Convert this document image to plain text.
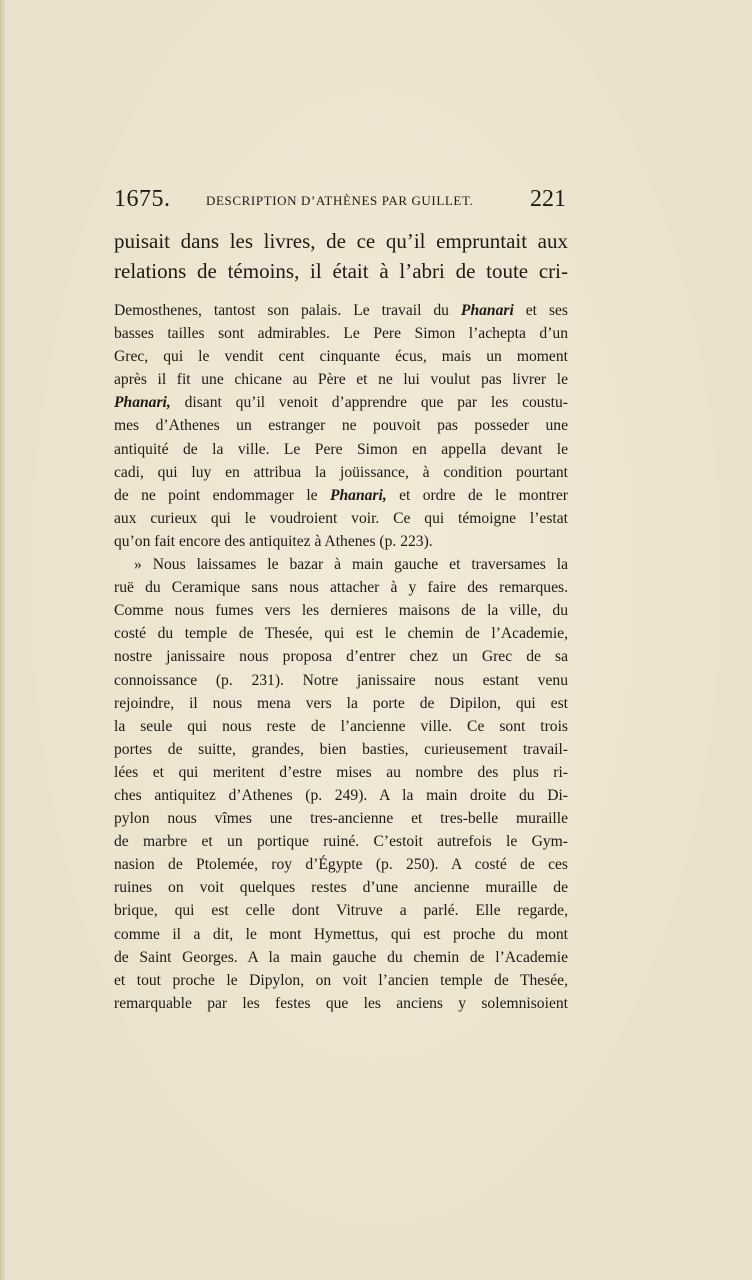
1675.	DESCRIPTION D’ATHÈNES PAR GUILLET. 221
puisait dans les livres, de ce qu’il empruntait aux
relations de témoins, il était à l’abri de toute cri-
Demosthenes, tantost son palais. Le travail du Phanari et ses
basses tailles sont admirables. Le Pere Simon l’achepta d’un
Grec, qui le vendit cent cinquante écus, mais un moment
après il fit une chicane au Père et ne lui voulut pas livrer le
Phanari, disant qu’il venoit d’apprendre que par les coustu-
mes d’Athenes un estranger ne pouvoit pas posseder une
antiquité de la ville. Le Pere Simon en appella devant le
cadi, qui luy en attribua la joüissance, à condition pourtant
de ne point endommager le Phanari, et ordre de le montrer
aux curieux qui le voudroient voir. Ce qui témoigne l’estat
qu’on fait encore des antiquitez à Athenes (p. 223).
» Nous laissames le bazar à main gauche et traversames la
ruë du Ceramique sans nous attacher à y faire des remarques.
Comme nous fumes vers les dernieres maisons de la ville, du
costé du temple de Thesée, qui est le chemin de l’Academie,
nostre janissaire nous proposa d’entrer chez un Grec de sa
connoissance (p. 231). Notre janissaire nous estant venu
rejoindre, il nous mena vers la porte de Dipilon, qui est
la seule qui nous reste de l’ancienne ville. Ce sont trois
portes de suitte, grandes, bien basties, curieusement travail-
lées et qui meritent d’estre mises au nombre des plus ri-
ches antiquitez d’Athenes (p. 249). A la main droite du Di-
pylon nous vîmes une tres-ancienne et tres-belle muraille
de marbre et un portique ruiné. C’estoit autrefois le Gym-
nasion de Ptolemée, roy d’Égypte (p. 250). A costé de ces
ruines on voit quelques restes d’une ancienne muraille de
brique, qui est celle dont Vitruve a parlé. Elle regarde,
comme il a dit, le mont Hymettus, qui est proche du mont
de Saint Georges. A la main gauche du chemin de l’Academie
et tout proche le Dipylon, on voit l’ancien temple de Thesée,
remarquable par les festes que les anciens y solemnisoient
